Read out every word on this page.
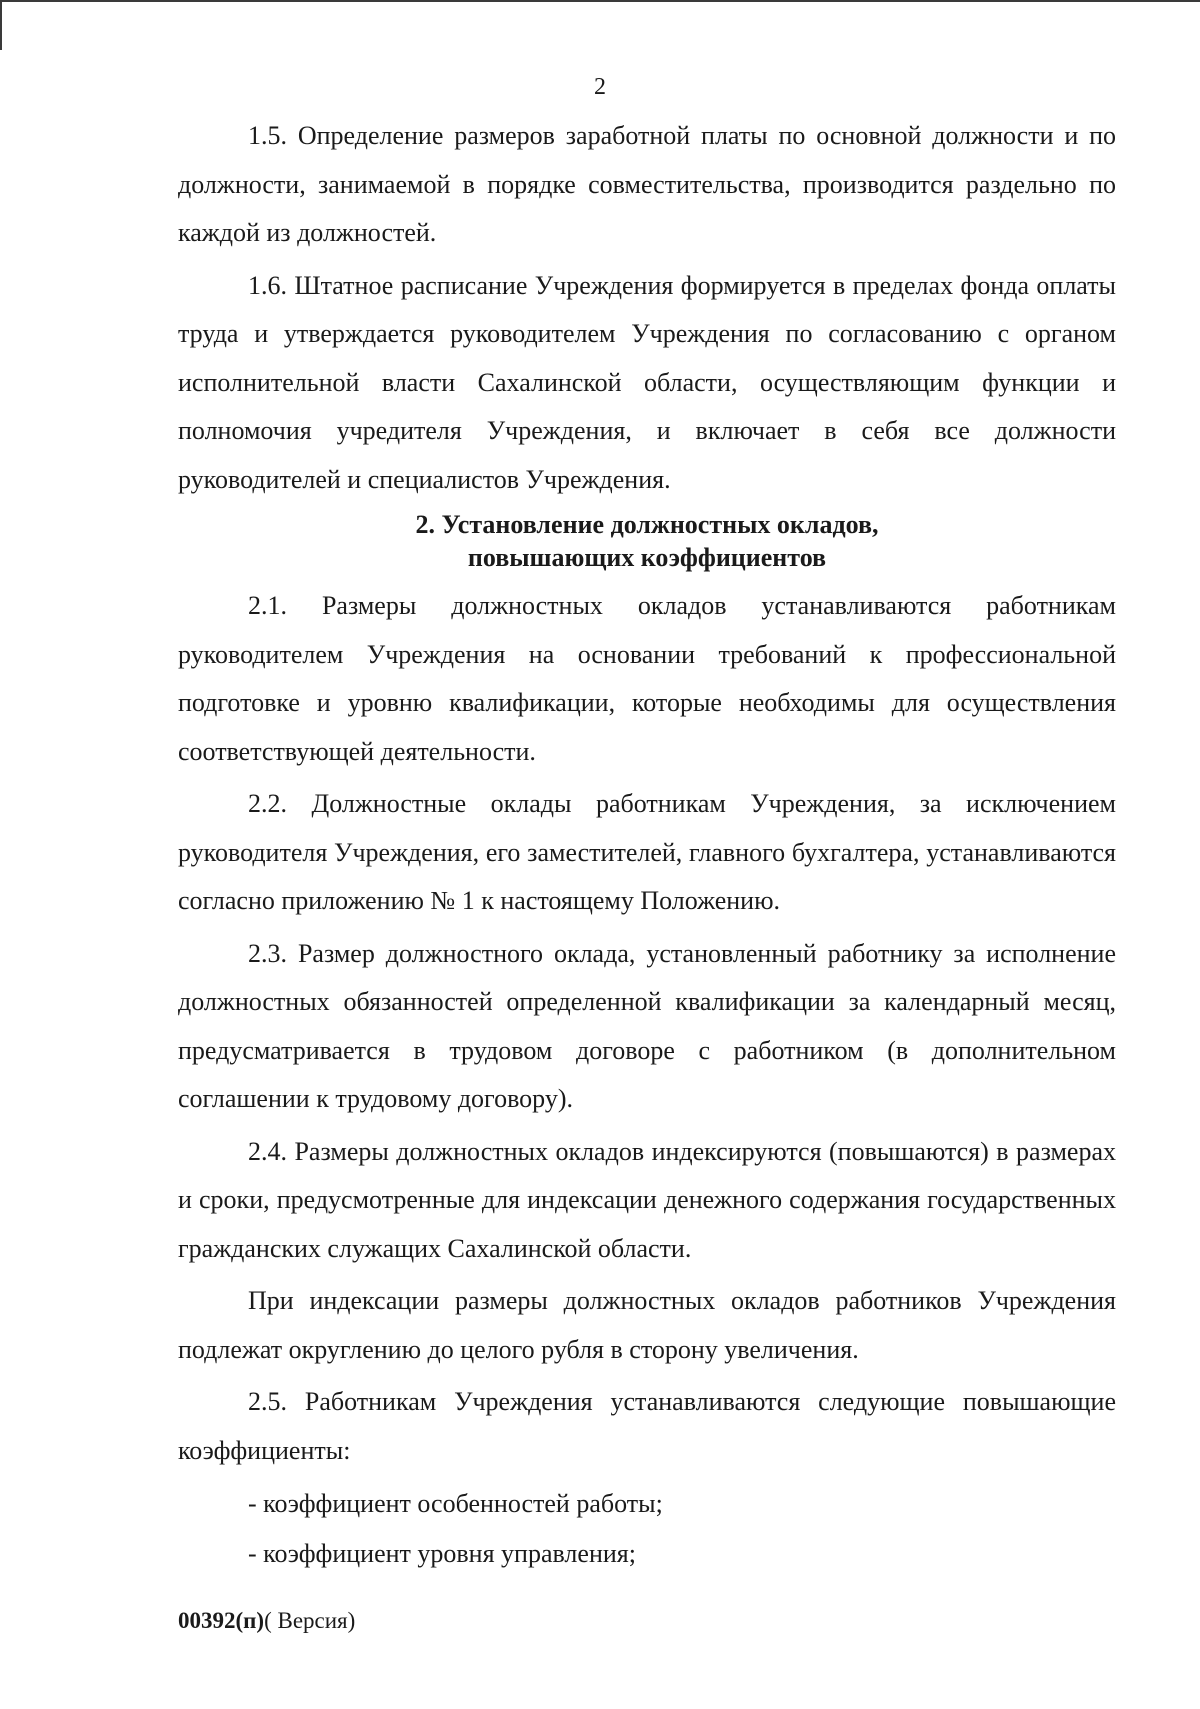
2

1.5. Определение размеров заработной платы по основной должности и по должности, занимаемой в порядке совместительства, производится раздельно по каждой из должностей.

1.6. Штатное расписание Учреждения формируется в пределах фонда оплаты труда и утверждается руководителем Учреждения по согласованию с органом исполнительной власти Сахалинской области, осуществляющим функции и полномочия учредителя Учреждения, и включает в себя все должности руководителей и специалистов Учреждения.

2. Установление должностных окладов,
повышающих коэффициентов

2.1. Размеры должностных окладов устанавливаются работникам руководителем Учреждения на основании требований к профессиональной подготовке и уровню квалификации, которые необходимы для осуществления соответствующей деятельности.

2.2. Должностные оклады работникам Учреждения, за исключением руководителя Учреждения, его заместителей, главного бухгалтера, устанавливаются согласно приложению № 1 к настоящему Положению.

2.3. Размер должностного оклада, установленный работнику за исполнение должностных обязанностей определенной квалификации за календарный месяц, предусматривается в трудовом договоре с работником (в дополнительном соглашении к трудовому договору).

2.4. Размеры должностных окладов индексируются (повышаются) в размерах и сроки, предусмотренные для индексации денежного содержания государственных гражданских служащих Сахалинской области.

При индексации размеры должностных окладов работников Учреждения подлежат округлению до целого рубля в сторону увеличения.

2.5. Работникам Учреждения устанавливаются следующие повышающие коэффициенты:

- коэффициент особенностей работы;
- коэффициент уровня управления;
00392(п)( Версия)
